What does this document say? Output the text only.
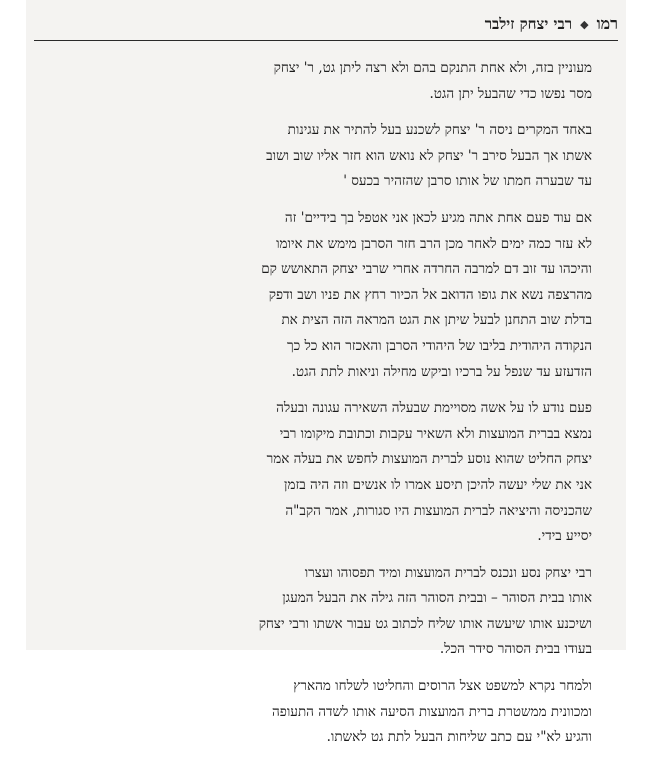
רמו
◆
רבי יצחק זילבר

מעוניין בזה, ולא אחת התנקם בהם ולא רצה ליתן גט, ר' יצחק
מסר נפשו כדי שהבעל יתן הגט.

באחד המקרים ניסה ר' יצחק לשכנע בעל להתיר את עגינות
אשתו אך הבעל סירב ר' יצחק לא נואש הוא חזר אליו שוב ושוב
עד שבערה חמתו של אותו סרבן שהזהיר בכעס '

אם עוד פעם אחת אתה מגיע לכאן אני אטפל בך בידיים' זה
לא עזר כמה ימים לאחר מכן הרב חזר הסרבן מימש את איומו
והיכהו עד זוב דם למרבה החרדה אחרי שרבי יצחק התאושש קם
מהרצפה נשא את גופו הדואב אל הכיור רחץ את פניו ושב ודפק
בדלת שוב התחנן לבעל שיתן את הגט המראה הזה הצית את
הנקודה היהודית בליבו של היהודי הסרבן והאכזר הוא כל כך
הזדעזע עד שנפל על ברכיו וביקש מחילה וניאות לתת הגט.

פעם נודע לו על אשה מסויימת שבעלה השאירה עגונה ובעלה
נמצא בברית המועצות ולא השאיר עקבות וכתובת מיקומו רבי
יצחק החליט שהוא נוסע לברית המועצות לחפש את בעלה אמר
אני את שלי יעשה להיכן תיסע אמרו לו אנשים וזה היה בזמן
שהכניסה והיציאה לברית המועצות היו סגורות, אמר הקב"ה
יסייע בידי.

רבי יצחק נסע ונכנס לברית המועצות ומיד תפסוהו ועצרו
אותו בבית הסוהר – ובבית הסוהר הזה גילה את הבעל המעגן
ושיכנע אותו שיעשה אותו שליח לכתוב גט עבור אשתו ורבי יצחק
בעודו בבית הסוהר סידר הכל.

ולמחר נקרא למשפט אצל הרוסים והחליטו לשלחו מהארץ
ומכוונית ממשטרת ברית המועצות הסיעה אותו לשדה התעופה
והגיע לא"י עם כתב שליחות הבעל לתת גט לאשתו.
